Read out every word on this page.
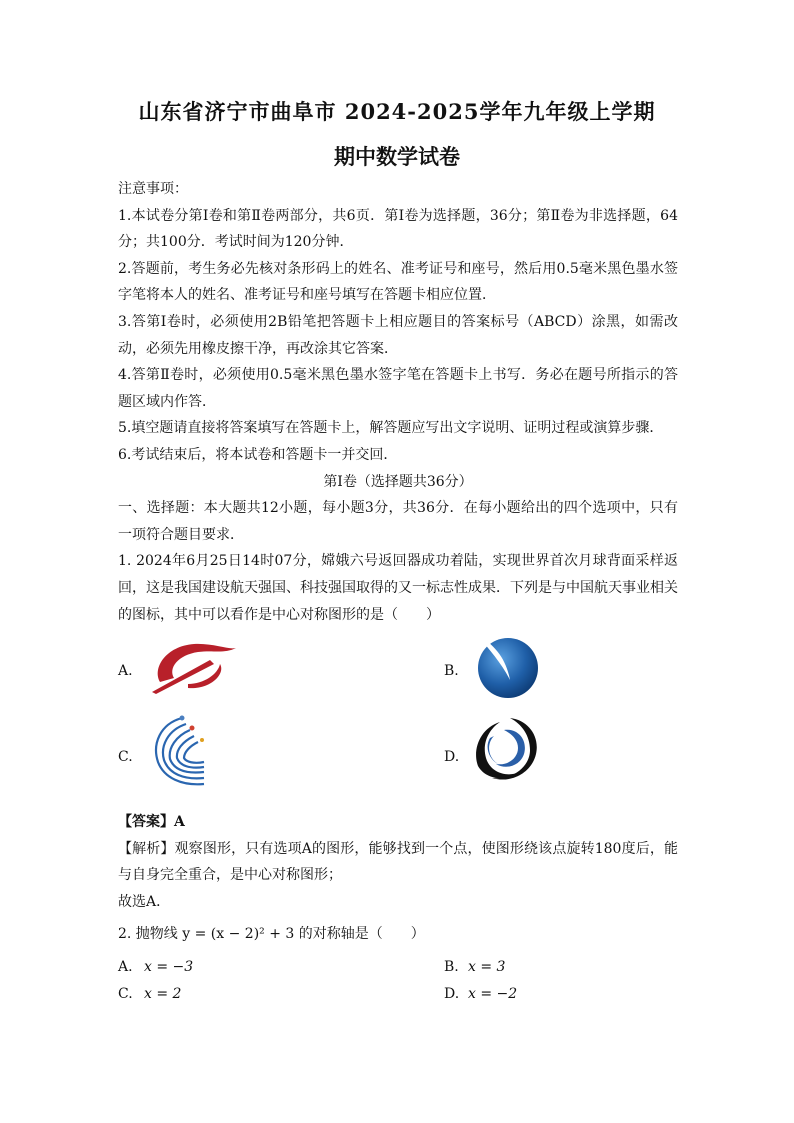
山东省济宁市曲阜市 2024-2025学年九年级上学期
期中数学试卷
注意事项：
1.本试卷分第Ⅰ卷和第Ⅱ卷两部分，共6页．第Ⅰ卷为选择题，36分；第Ⅱ卷为非选择题，64分；共100分．考试时间为120分钟．
2.答题前，考生务必先核对条形码上的姓名、准考证号和座号，然后用0.5毫米黑色墨水签字笔将本人的姓名、准考证号和座号填写在答题卡相应位置．
3.答第Ⅰ卷时，必须使用2B铅笔把答题卡上相应题目的答案标号（ABCD）涂黑，如需改动，必须先用橡皮擦干净，再改涂其它答案．
4.答第Ⅱ卷时，必须使用0.5毫米黑色墨水签字笔在答题卡上书写．务必在题号所指示的答题区域内作答．
5.填空题请直接将答案填写在答题卡上，解答题应写出文字说明、证明过程或演算步骤．
6.考试结束后，将本试卷和答题卡一并交回．
第Ⅰ卷（选择题共36分）
一、选择题：本大题共12小题，每小题3分，共36分．在每小题给出的四个选项中，只有一项符合题目要求．
1. 2024年6月25日14时07分，嫦娥六号返回器成功着陆，实现世界首次月球背面采样返回，这是我国建设航天强国、科技强国取得的又一标志性成果．下列是与中国航天事业相关的图标，其中可以看作是中心对称图形的是（　　）
A.	B.
C.	D.
【答案】A
【解析】观察图形，只有选项A的图形，能够找到一个点，使图形绕该点旋转180度后，能与自身完全重合，是中心对称图形；
故选A．
2. 抛物线 y = (x − 2)² + 3 的对称轴是（　　）
A. x = −3	B. x = 3
C. x = 2	D. x = −2
